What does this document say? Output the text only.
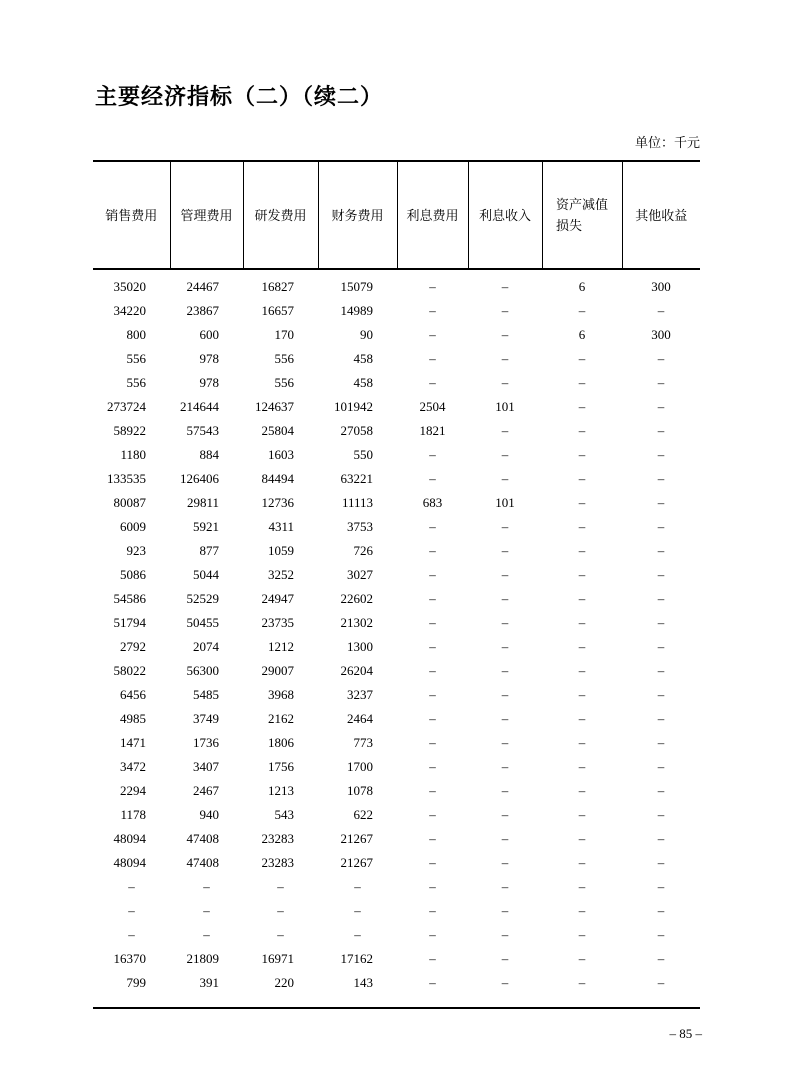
主要经济指标（二）（续二）
单位：千元
销售费用	管理费用	研发费用	财务费用	利息费用	利息收入	资产减值
损失	其他收益

35020	24467	16827	15079	–	–	6	300
34220	23867	16657	14989	–	–	–	–
800	600	170	90	–	–	6	300
556	978	556	458	–	–	–	–
556	978	556	458	–	–	–	–
273724	214644	124637	101942	2504	101	–	–
58922	57543	25804	27058	1821	–	–	–
1180	884	1603	550	–	–	–	–
133535	126406	84494	63221	–	–	–	–
80087	29811	12736	11113	683	101	–	–
6009	5921	4311	3753	–	–	–	–
923	877	1059	726	–	–	–	–
5086	5044	3252	3027	–	–	–	–
54586	52529	24947	22602	–	–	–	–
51794	50455	23735	21302	–	–	–	–
2792	2074	1212	1300	–	–	–	–
58022	56300	29007	26204	–	–	–	–
6456	5485	3968	3237	–	–	–	–
4985	3749	2162	2464	–	–	–	–
1471	1736	1806	773	–	–	–	–
3472	3407	1756	1700	–	–	–	–
2294	2467	1213	1078	–	–	–	–
1178	940	543	622	–	–	–	–
48094	47408	23283	21267	–	–	–	–
48094	47408	23283	21267	–	–	–	–
–	–	–	–	–	–	–	–
–	–	–	–	–	–	–	–
–	–	–	–	–	–	–	–
16370	21809	16971	17162	–	–	–	–
799	391	220	143	–	–	–	–
– 85 –
